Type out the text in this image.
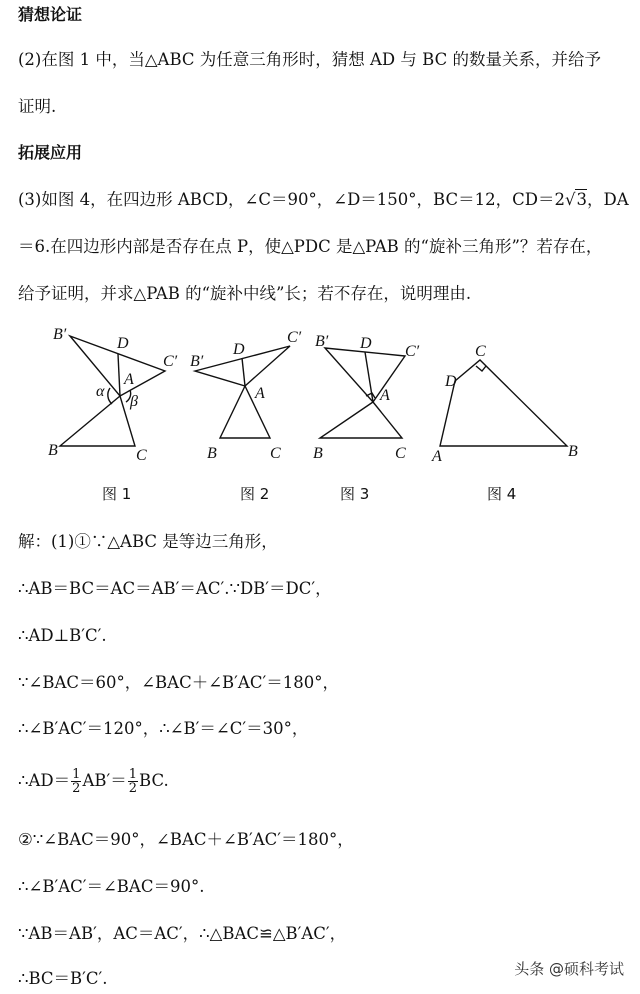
猜想论证
(2)在图 1 中，当△ABC 为任意三角形时，猜想 AD 与 BC 的数量关系，并给予
证明.
拓展应用
(3)如图 4，在四边形 ABCD，∠C＝90°，∠D＝150°，BC＝12，CD＝2√3，DA
＝6.在四边形内部是否存在点 P，使△PDC 是△PAB 的“旋补三角形”？若存在，
给予证明，并求△PAB 的“旋补中线”长；若不存在，说明理由.
B′
D
C′
A
α
β
B	C
B′
D
C′
A
B	C
B′ D C′
A
B	C
C
D
A	B
图 1	图 2	图 3	图 4
解：(1)①∵△ABC 是等边三角形，
∴AB＝BC＝AC＝AB′＝AC′.∵DB′＝DC′，
∴AD⊥B′C′.
∵∠BAC＝60°，∠BAC＋∠B′AC′＝180°，
∴∠B′AC′＝120°，∴∠B′＝∠C′＝30°，
∴AD＝ $\frac{1}{2} AB'= \frac{1}{2}$ BC.
②∵∠BAC＝90°，∠BAC＋∠B′AC′＝180°，
∴∠B′AC′＝∠BAC＝90°.
∵AB＝AB′，AC＝AC′，∴△BAC≌△B′AC′，
∴BC＝B′C′.	头条 @硕科考试
